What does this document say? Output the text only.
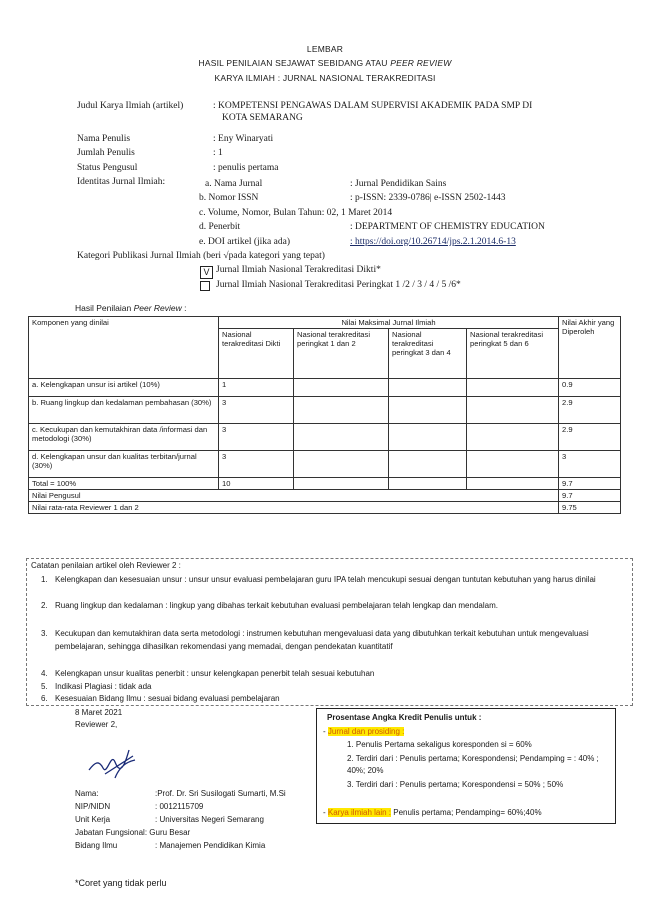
LEMBAR
HASIL PENILAIAN SEJAWAT SEBIDANG ATAU PEER REVIEW
KARYA ILMIAH : JURNAL NASIONAL TERAKREDITASI
Judul Karya Ilmiah (artikel)	: KOMPETENSI PENGAWAS DALAM SUPERVISI AKADEMIK PADA SMP DI
KOTA SEMARANG
Nama Penulis	: Eny Winaryati
Jumlah Penulis	: 1
Status Pengusul	: penulis pertama
Identitas Jurnal Ilmiah:	a. Nama Jurnal	: Jurnal Pendidikan Sains
b. Nomor ISSN	: p-ISSN: 2339-0786| e-ISSN 2502-1443
c. Volume, Nomor, Bulan Tahun: 02, 1 Maret 2014
d. Penerbit	: DEPARTMENT OF CHEMISTRY EDUCATION
e. DOI artikel (jika ada)	: https://doi.org/10.26714/jps.2.1.2014.6-13
Kategori Publikasi Jurnal Ilmiah (beri √pada kategori yang tepat)
V Jurnal Ilmiah Nasional Terakreditasi Dikti*
Jurnal Ilmiah Nasional Terakreditasi Peringkat 1 /2 / 3 / 4 / 5 /6*
Hasil Penilaian Peer Review :
Komponen yang dinilai	Nilai Maksimal Jurnal Ilmiah				Nilai Akhir yang Diperoleh
	Nasional terakreditasi Dikti	Nasional terakreditasi peringkat 1 dan 2	Nasional terakreditasi peringkat 3 dan 4	Nasional terakreditasi peringkat 5 dan 6	
a. Kelengkapan unsur isi artikel (10%)	1				0.9
b. Ruang lingkup dan kedalaman pembahasan (30%)	3				2.9
c. Kecukupan dan kemutakhiran data /informasi dan metodologi (30%)	3				2.9
d. Kelengkapan unsur dan kualitas terbitan/jurnal (30%)	3				3
Total = 100%	10				9.7
Nilai Pengusul					9.7
Nilai rata-rata Reviewer 1 dan 2					9.75
Catatan penilaian artikel oleh Reviewer 2 :
1. Kelengkapan dan kesesuaian unsur : unsur unsur evaluasi pembelajaran guru IPA telah mencukupi sesuai dengan tuntutan kebutuhan yang harus dinilai
2. Ruang lingkup dan kedalaman : lingkup yang dibahas terkait kebutuhan evaluasi pembelajaran telah lengkap dan mendalam.
3. Kecukupan dan kemutakhiran data serta metodologi : instrumen kebutuhan mengevaluasi data yang dibutuhkan terkait kebutuhan untuk mengevaluasi pembelajaran, sehingga dihasilkan rekomendasi yang memadai, dengan pendekatan kuantitatif
4. Kelengkapan unsur kualitas penerbit : unsur kelengkapan penerbit telah sesuai kebutuhan
5. Indikasi Plagiasi : tidak ada
6. Kesesuaian Bidang Ilmu : sesuai bidang evaluasi pembelajaran
8 Maret 2021
Reviewer 2,
Nama:	:Prof. Dr. Sri Susilogati Sumarti, M.Si
NIP/NIDN	: 0012115709
Unit Kerja	: Universitas Negeri Semarang
Jabatan Fungsional: Guru Besar
Bidang Ilmu	: Manajemen Pendidikan Kimia
Prosentase Angka Kredit Penulis untuk :
- Jurnal dan prosiding :
1. Penulis Pertama sekaligus koresponden si = 60%
2. Terdiri dari : Penulis pertama; Korespondensi; Pendamping = : 40% ; 40%; 20%
3. Terdiri dari : Penulis pertama; Korespondensi = 50% ; 50%
- Karya ilmiah lain : Penulis pertama; Pendamping= 60%;40%
*Coret yang tidak perlu
